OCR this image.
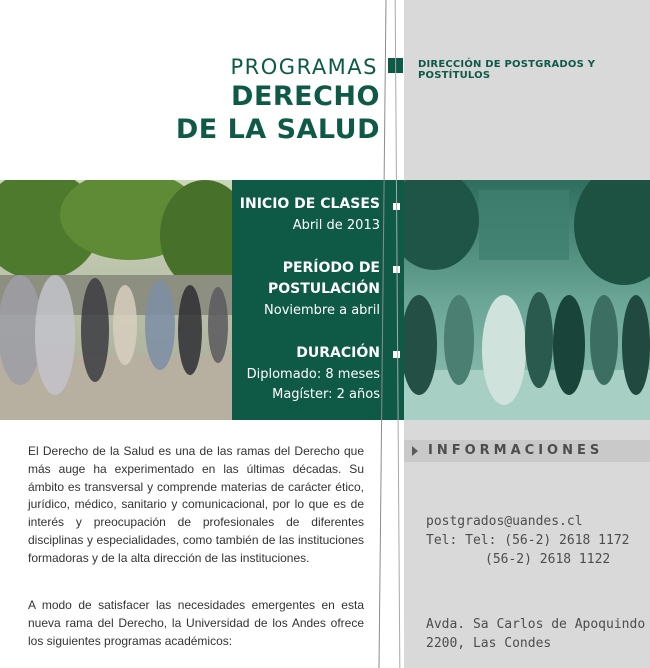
PROGRAMAS
DERECHO
DE LA SALUD
DIRECCIÓN DE POSTGRADOS Y POSTÍTULOS
INICIO DE CLASES
Abril de 2013
PERÍODO DE
POSTULACIÓN
Noviembre a abril
DURACIÓN
Diplomado: 8 meses
Magíster: 2 años
INFORMACIONES
postgrados@uandes.cl
Tel: Tel: (56-2) 2618 1172
(56-2) 2618 1122
Avda. Sa Carlos de Apoquindo
2200, Las Condes
El Derecho de la Salud es una de las ramas del Derecho que más auge ha experimentado en las últimas décadas. Su ámbito es transversal y comprende materias de carácter ético, jurídico, médico, sanitario y comunicacional, por lo que es de interés y preocupación de profesionales de diferentes disciplinas y especialidades, como también de las instituciones formadoras y de la alta dirección de las instituciones.
A modo de satisfacer las necesidades emergentes en esta nueva rama del Derecho, la Universidad de los Andes ofrece los siguientes programas académicos:
